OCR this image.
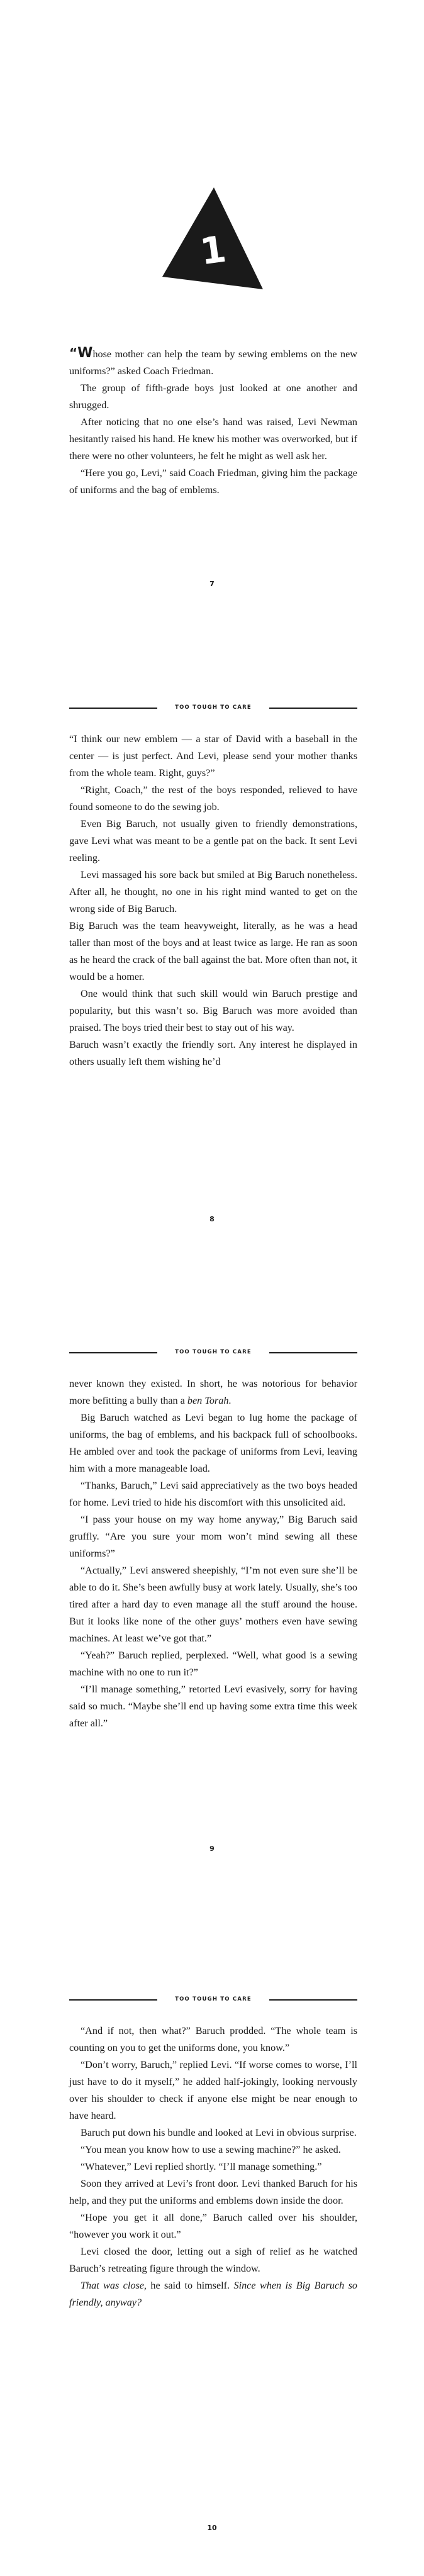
1

“Whose mother can help the team by sewing emblems on the new uniforms?” asked Coach Friedman.

The group of fifth-grade boys just looked at one another and shrugged.

After noticing that no one else’s hand was raised, Levi Newman hesitantly raised his hand. He knew his mother was overworked, but if there were no other volunteers, he felt he might as well ask her.

“Here you go, Levi,” said Coach Friedman, giving him the package of uniforms and the bag of emblems.

7
TOO TOUGH TO CARE

“I think our new emblem — a star of David with a baseball in the center — is just perfect. And Levi, please send your mother thanks from the whole team. Right, guys?”

“Right, Coach,” the rest of the boys responded, relieved to have found someone to do the sewing job.

Even Big Baruch, not usually given to friendly demonstrations, gave Levi what was meant to be a gentle pat on the back. It sent Levi reeling.

Levi massaged his sore back but smiled at Big Baruch nonetheless. After all, he thought, no one in his right mind wanted to get on the wrong side of Big Baruch.

Big Baruch was the team heavyweight, literally, as he was a head taller than most of the boys and at least twice as large. He ran as soon as he heard the crack of the ball against the bat. More often than not, it would be a homer.

One would think that such skill would win Baruch prestige and popularity, but this wasn’t so. Big Baruch was more avoided than praised. The boys tried their best to stay out of his way.

Baruch wasn’t exactly the friendly sort. Any interest he displayed in others usually left them wishing he’d

8
TOO TOUGH TO CARE

never known they existed. In short, he was notorious for behavior more befitting a bully than a ben Torah.

Big Baruch watched as Levi began to lug home the package of uniforms, the bag of emblems, and his backpack full of schoolbooks. He ambled over and took the package of uniforms from Levi, leaving him with a more manageable load.

“Thanks, Baruch,” Levi said appreciatively as the two boys headed for home. Levi tried to hide his discomfort with this unsolicited aid.

“I pass your house on my way home anyway,” Big Baruch said gruffly. “Are you sure your mom won’t mind sewing all these uniforms?”

“Actually,” Levi answered sheepishly, “I’m not even sure she’ll be able to do it. She’s been awfully busy at work lately. Usually, she’s too tired after a hard day to even manage all the stuff around the house. But it looks like none of the other guys’ mothers even have sewing machines. At least we’ve got that.”

“Yeah?” Baruch replied, perplexed. “Well, what good is a sewing machine with no one to run it?”

“I’ll manage something,” retorted Levi evasively, sorry for having said so much. “Maybe she’ll end up having some extra time this week after all.”

9
TOO TOUGH TO CARE

“And if not, then what?” Baruch prodded. “The whole team is counting on you to get the uniforms done, you know.”

“Don’t worry, Baruch,” replied Levi. “If worse comes to worse, I’ll just have to do it myself,” he added half-jokingly, looking nervously over his shoulder to check if anyone else might be near enough to have heard.

Baruch put down his bundle and looked at Levi in obvious surprise.

“You mean you know how to use a sewing machine?” he asked.

“Whatever,” Levi replied shortly. “I’ll manage something.”

Soon they arrived at Levi’s front door. Levi thanked Baruch for his help, and they put the uniforms and emblems down inside the door.

“Hope you get it all done,” Baruch called over his shoulder, “however you work it out.”

Levi closed the door, letting out a sigh of relief as he watched Baruch’s retreating figure through the window.

That was close, he said to himself. Since when is Big Baruch so friendly, anyway?

10
